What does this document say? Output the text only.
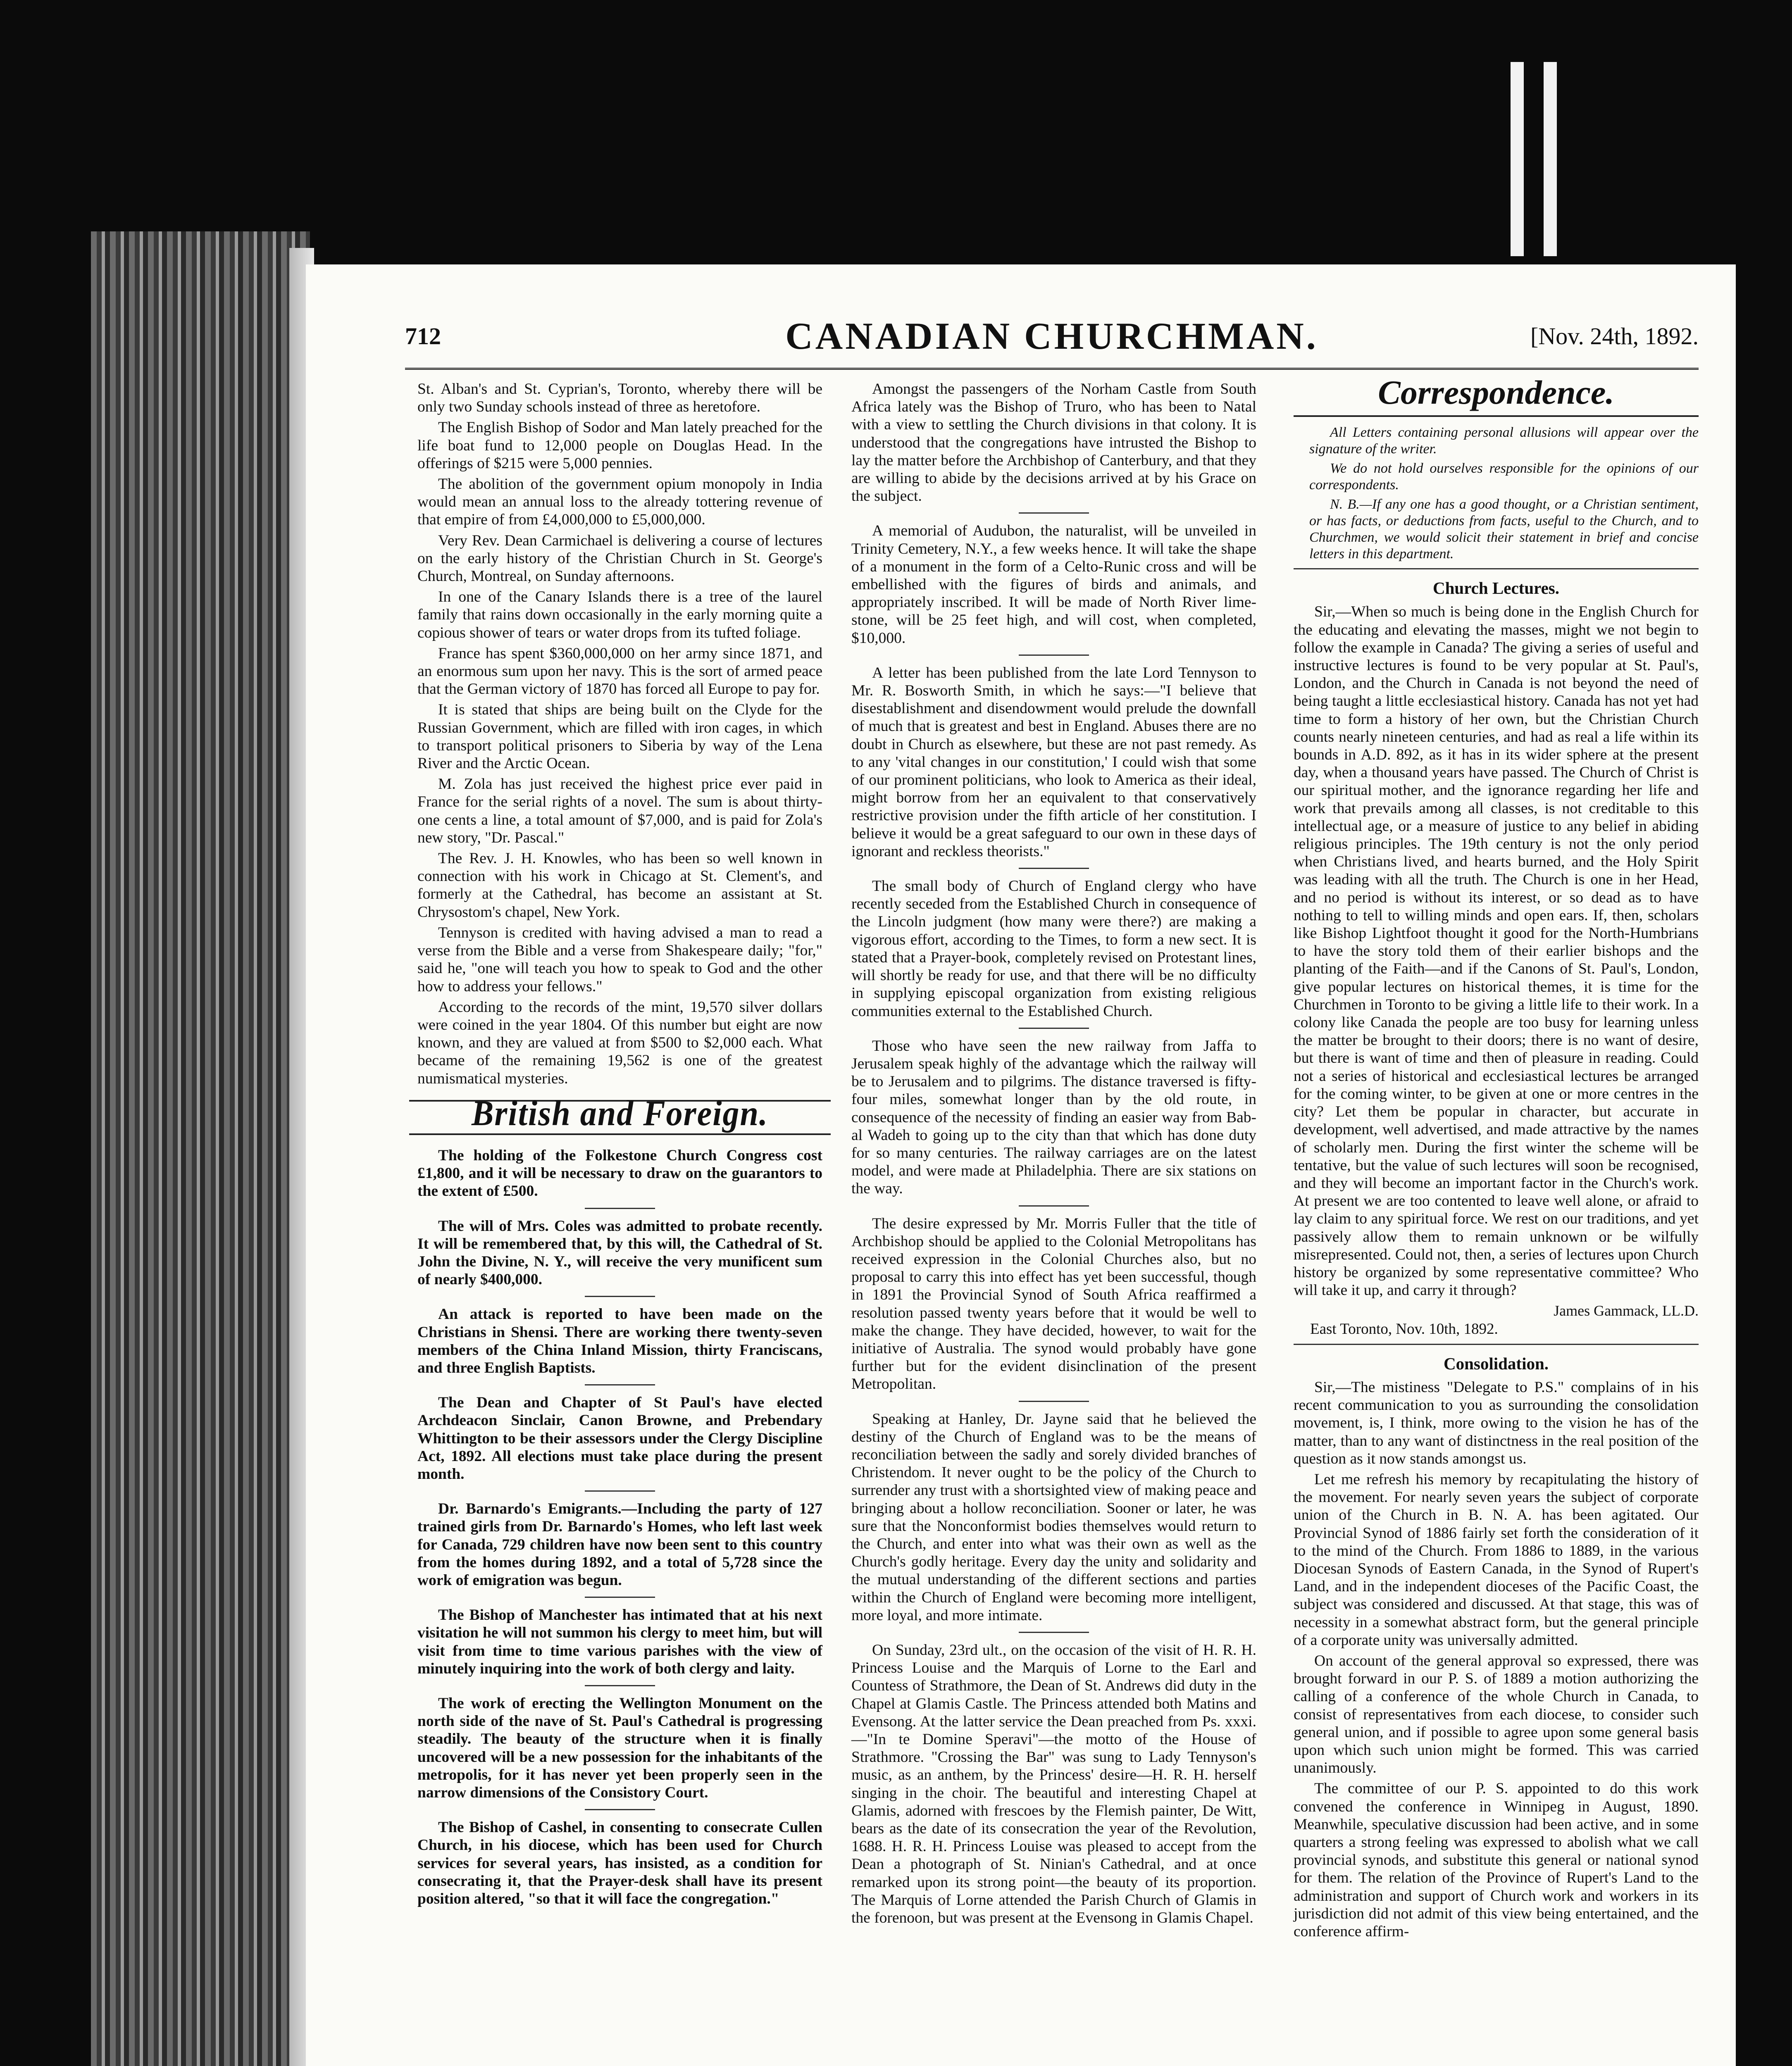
712	CANADIAN CHURCHMAN.	[Nov. 24th, 1892.

St. Alban's and St. Cyprian's, Toronto, whereby there will be only two Sunday schools instead of three as heretofore.

The English Bishop of Sodor and Man lately preached for the life boat fund to 12,000 people on Douglas Head. In the offerings of $215 were 5,000 pennies.

The abolition of the government opium monopoly in India would mean an annual loss to the already tottering revenue of that empire of from £4,000,000 to £5,000,000.

Very Rev. Dean Carmichael is delivering a course of lectures on the early history of the Christian Church in St. George's Church, Montreal, on Sunday afternoons.

In one of the Canary Islands there is a tree of the laurel family that rains down occasionally in the early morning quite a copious shower of tears or water drops from its tufted foliage.

France has spent $360,000,000 on her army since 1871, and an enormous sum upon her navy. This is the sort of armed peace that the German victory of 1870 has forced all Europe to pay for.

It is stated that ships are being built on the Clyde for the Russian Government, which are filled with iron cages, in which to transport political prisoners to Siberia by way of the Lena River and the Arctic Ocean.

M. Zola has just received the highest price ever paid in France for the serial rights of a novel. The sum is about thirty-one cents a line, a total amount of $7,000, and is paid for Zola's new story, "Dr. Pascal."

The Rev. J. H. Knowles, who has been so well known in connection with his work in Chicago at St. Clement's, and formerly at the Cathedral, has become an assistant at St. Chrysostom's chapel, New York.

Tennyson is credited with having advised a man to read a verse from the Bible and a verse from Shakespeare daily; "for," said he, "one will teach you how to speak to God and the other how to address your fellows."

According to the records of the mint, 19,570 silver dollars were coined in the year 1804. Of this number but eight are now known, and they are valued at from $500 to $2,000 each. What became of the remaining 19,562 is one of the greatest numismatical mysteries.

British and Foreign.

The holding of the Folkestone Church Congress cost £1,800, and it will be necessary to draw on the guarantors to the extent of £500.

The will of Mrs. Coles was admitted to probate recently. It will be remembered that, by this will, the Cathedral of St. John the Divine, N. Y., will receive the very munificent sum of nearly $400,000.

An attack is reported to have been made on the Christians in Shensi. There are working there twenty-seven members of the China Inland Mission, thirty Franciscans, and three English Baptists.

The Dean and Chapter of St Paul's have elected Archdeacon Sinclair, Canon Browne, and Prebendary Whittington to be their assessors under the Clergy Discipline Act, 1892. All elections must take place during the present month.

Dr. Barnardo's Emigrants.—Including the party of 127 trained girls from Dr. Barnardo's Homes, who left last week for Canada, 729 children have now been sent to this country from the homes during 1892, and a total of 5,728 since the work of emigration was begun.

The Bishop of Manchester has intimated that at his next visitation he will not summon his clergy to meet him, but will visit from time to time various parishes with the view of minutely inquiring into the work of both clergy and laity.

The work of erecting the Wellington Monument on the north side of the nave of St. Paul's Cathedral is progressing steadily. The beauty of the structure when it is finally uncovered will be a new possession for the inhabitants of the metropolis, for it has never yet been properly seen in the narrow dimensions of the Consistory Court.

The Bishop of Cashel, in consenting to consecrate Cullen Church, in his diocese, which has been used for Church services for several years, has insisted, as a condition for consecrating it, that the Prayer-desk shall have its present position altered, "so that it will face the congregation."

Amongst the passengers of the Norham Castle from South Africa lately was the Bishop of Truro, who has been to Natal with a view to settling the Church divisions in that colony. It is understood that the congregations have intrusted the Bishop to lay the matter before the Archbishop of Canterbury, and that they are willing to abide by the decisions arrived at by his Grace on the subject.

A memorial of Audubon, the naturalist, will be unveiled in Trinity Cemetery, N.Y., a few weeks hence. It will take the shape of a monument in the form of a Celto-Runic cross and will be embellished with the figures of birds and animals, and appropriately inscribed. It will be made of North River lime-stone, will be 25 feet high, and will cost, when completed, $10,000.

A letter has been published from the late Lord Tennyson to Mr. R. Bosworth Smith, in which he says:—"I believe that disestablishment and disendowment would prelude the downfall of much that is greatest and best in England. Abuses there are no doubt in Church as elsewhere, but these are not past remedy. As to any 'vital changes in our constitution,' I could wish that some of our prominent politicians, who look to America as their ideal, might borrow from her an equivalent to that conservatively restrictive provision under the fifth article of her constitution. I believe it would be a great safeguard to our own in these days of ignorant and reckless theorists."

The small body of Church of England clergy who have recently seceded from the Established Church in consequence of the Lincoln judgment (how many were there?) are making a vigorous effort, according to the Times, to form a new sect. It is stated that a Prayer-book, completely revised on Protestant lines, will shortly be ready for use, and that there will be no difficulty in supplying episcopal organization from existing religious communities external to the Established Church.

Those who have seen the new railway from Jaffa to Jerusalem speak highly of the advantage which the railway will be to Jerusalem and to pilgrims. The distance traversed is fifty-four miles, somewhat longer than by the old route, in consequence of the necessity of finding an easier way from Bab-al Wadeh to going up to the city than that which has done duty for so many centuries. The railway carriages are on the latest model, and were made at Philadelphia. There are six stations on the way.

The desire expressed by Mr. Morris Fuller that the title of Archbishop should be applied to the Colonial Metropolitans has received expression in the Colonial Churches also, but no proposal to carry this into effect has yet been successful, though in 1891 the Provincial Synod of South Africa reaffirmed a resolution passed twenty years before that it would be well to make the change. They have decided, however, to wait for the initiative of Australia. The synod would probably have gone further but for the evident disinclination of the present Metropolitan.

Speaking at Hanley, Dr. Jayne said that he believed the destiny of the Church of England was to be the means of reconciliation between the sadly and sorely divided branches of Christendom. It never ought to be the policy of the Church to surrender any trust with a shortsighted view of making peace and bringing about a hollow reconciliation. Sooner or later, he was sure that the Nonconformist bodies themselves would return to the Church, and enter into what was their own as well as the Church's godly heritage. Every day the unity and solidarity and the mutual understanding of the different sections and parties within the Church of England were becoming more intelligent, more loyal, and more intimate.

On Sunday, 23rd ult., on the occasion of the visit of H. R. H. Princess Louise and the Marquis of Lorne to the Earl and Countess of Strathmore, the Dean of St. Andrews did duty in the Chapel at Glamis Castle. The Princess attended both Matins and Evensong. At the latter service the Dean preached from Ps. xxxi.—"In te Domine Speravi"—the motto of the House of Strathmore. "Crossing the Bar" was sung to Lady Tennyson's music, as an anthem, by the Princess' desire—H. R. H. herself singing in the choir. The beautiful and interesting Chapel at Glamis, adorned with frescoes by the Flemish painter, De Witt, bears as the date of its consecration the year of the Revolution, 1688. H. R. H. Princess Louise was pleased to accept from the Dean a photograph of St. Ninian's Cathedral, and at once remarked upon its strong point—the beauty of its proportion. The Marquis of Lorne attended the Parish Church of Glamis in the forenoon, but was present at the Evensong in Glamis Chapel.

Correspondence.

All Letters containing personal allusions will appear over the signature of the writer.

We do not hold ourselves responsible for the opinions of our correspondents.

N. B.—If any one has a good thought, or a Christian sentiment, or has facts, or deductions from facts, useful to the Church, and to Churchmen, we would solicit their statement in brief and concise letters in this department.

Church Lectures.

Sir,—When so much is being done in the English Church for the educating and elevating the masses, might we not begin to follow the example in Canada? The giving a series of useful and instructive lectures is found to be very popular at St. Paul's, London, and the Church in Canada is not beyond the need of being taught a little ecclesiastical history. Canada has not yet had time to form a history of her own, but the Christian Church counts nearly nineteen centuries, and had as real a life within its bounds in A.D. 892, as it has in its wider sphere at the present day, when a thousand years have passed. The Church of Christ is our spiritual mother, and the ignorance regarding her life and work that prevails among all classes, is not creditable to this intellectual age, or a measure of justice to any belief in abiding religious principles. The 19th century is not the only period when Christians lived, and hearts burned, and the Holy Spirit was leading with all the truth. The Church is one in her Head, and no period is without its interest, or so dead as to have nothing to tell to willing minds and open ears. If, then, scholars like Bishop Lightfoot thought it good for the North-Humbrians to have the story told them of their earlier bishops and the planting of the Faith—and if the Canons of St. Paul's, London, give popular lectures on historical themes, it is time for the Churchmen in Toronto to be giving a little life to their work. In a colony like Canada the people are too busy for learning unless the matter be brought to their doors; there is no want of desire, but there is want of time and then of pleasure in reading. Could not a series of historical and ecclesiastical lectures be arranged for the coming winter, to be given at one or more centres in the city? Let them be popular in character, but accurate in development, well advertised, and made attractive by the names of scholarly men. During the first winter the scheme will be tentative, but the value of such lectures will soon be recognised, and they will become an important factor in the Church's work. At present we are too contented to leave well alone, or afraid to lay claim to any spiritual force. We rest on our traditions, and yet passively allow them to remain unknown or be wilfully misrepresented. Could not, then, a series of lectures upon Church history be organized by some representative committee? Who will take it up, and carry it through?

James Gammack, LL.D.
East Toronto, Nov. 10th, 1892.
Consolidation.

Sir,—The mistiness "Delegate to P.S." complains of in his recent communication to you as surrounding the consolidation movement, is, I think, more owing to the vision he has of the matter, than to any want of distinctness in the real position of the question as it now stands amongst us.

Let me refresh his memory by recapitulating the history of the movement. For nearly seven years the subject of corporate union of the Church in B. N. A. has been agitated. Our Provincial Synod of 1886 fairly set forth the consideration of it to the mind of the Church. From 1886 to 1889, in the various Diocesan Synods of Eastern Canada, in the Synod of Rupert's Land, and in the independent dioceses of the Pacific Coast, the subject was considered and discussed. At that stage, this was of necessity in a somewhat abstract form, but the general principle of a corporate unity was universally admitted.

On account of the general approval so expressed, there was brought forward in our P. S. of 1889 a motion authorizing the calling of a conference of the whole Church in Canada, to consist of representatives from each diocese, to consider such general union, and if possible to agree upon some general basis upon which such union might be formed. This was carried unanimously.

The committee of our P. S. appointed to do this work convened the conference in Winnipeg in August, 1890. Meanwhile, speculative discussion had been active, and in some quarters a strong feeling was expressed to abolish what we call provincial synods, and substitute this general or national synod for them. The relation of the Province of Rupert's Land to the administration and support of Church work and workers in its jurisdiction did not admit of this view being entertained, and the conference affirm-
